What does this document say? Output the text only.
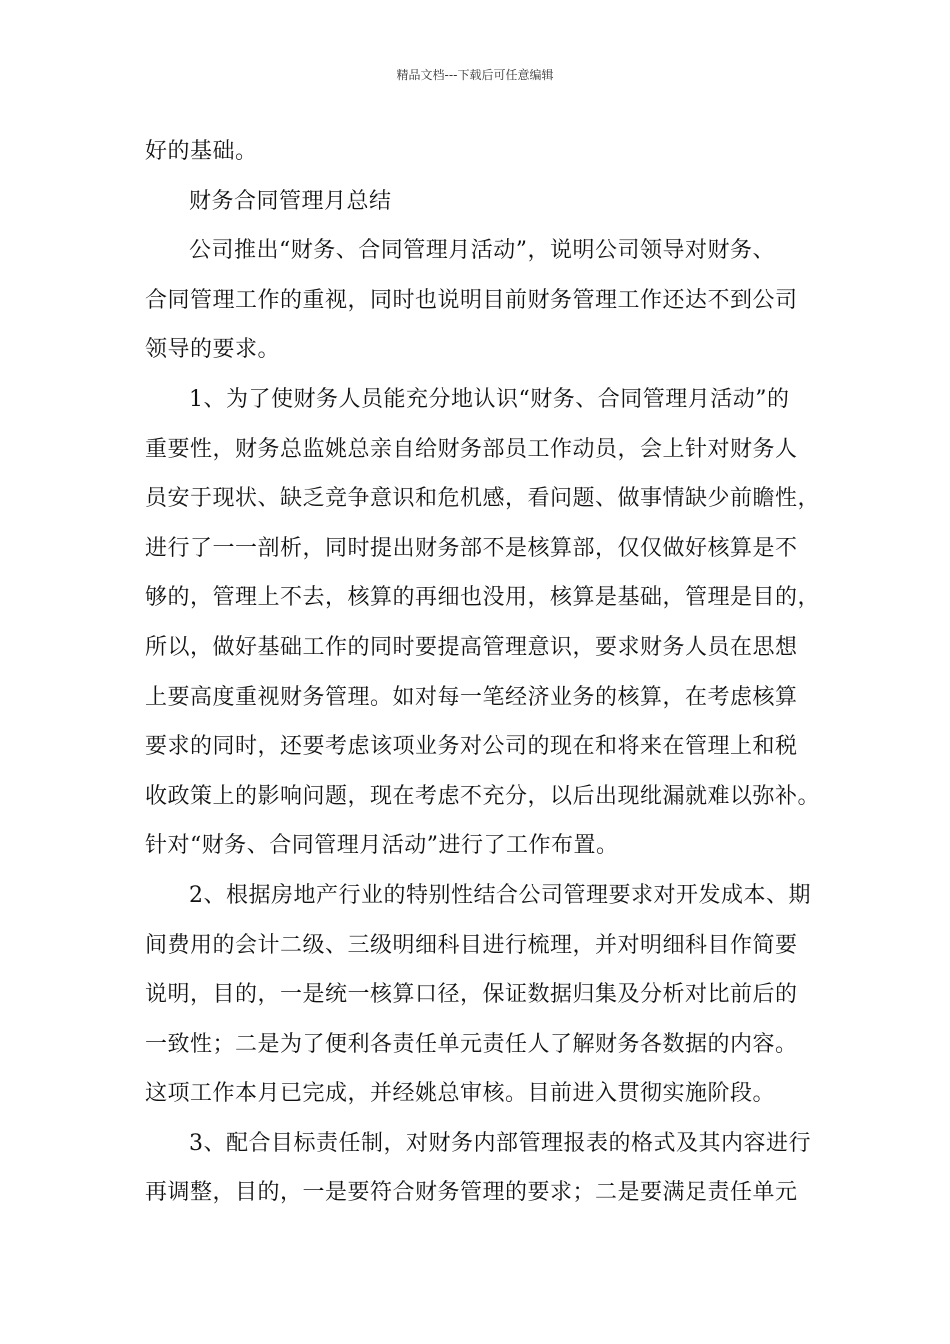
精品文档---下载后可任意编辑
好的基础。
财务合同管理月总结
公司推出“财务、合同管理月活动”，说明公司领导对财务、
合同管理工作的重视，同时也说明目前财务管理工作还达不到公司
领导的要求。
1、为了使财务人员能充分地认识“财务、合同管理月活动”的
重要性，财务总监姚总亲自给财务部员工作动员，会上针对财务人
员安于现状、缺乏竞争意识和危机感，看问题、做事情缺少前瞻性，
进行了一一剖析，同时提出财务部不是核算部，仅仅做好核算是不
够的，管理上不去，核算的再细也没用，核算是基础，管理是目的，
所以，做好基础工作的同时要提高管理意识，要求财务人员在思想
上要高度重视财务管理。如对每一笔经济业务的核算，在考虑核算
要求的同时，还要考虑该项业务对公司的现在和将来在管理上和税
收政策上的影响问题，现在考虑不充分，以后出现纰漏就难以弥补。
针对“财务、合同管理月活动”进行了工作布置。
2、根据房地产行业的特别性结合公司管理要求对开发成本、期
间费用的会计二级、三级明细科目进行梳理，并对明细科目作简要
说明，目的，一是统一核算口径，保证数据归集及分析对比前后的
一致性；二是为了便利各责任单元责任人了解财务各数据的内容。
这项工作本月已完成，并经姚总审核。目前进入贯彻实施阶段。
3、配合目标责任制，对财务内部管理报表的格式及其内容进行
再调整，目的，一是要符合财务管理的要求；二是要满足责任单元
